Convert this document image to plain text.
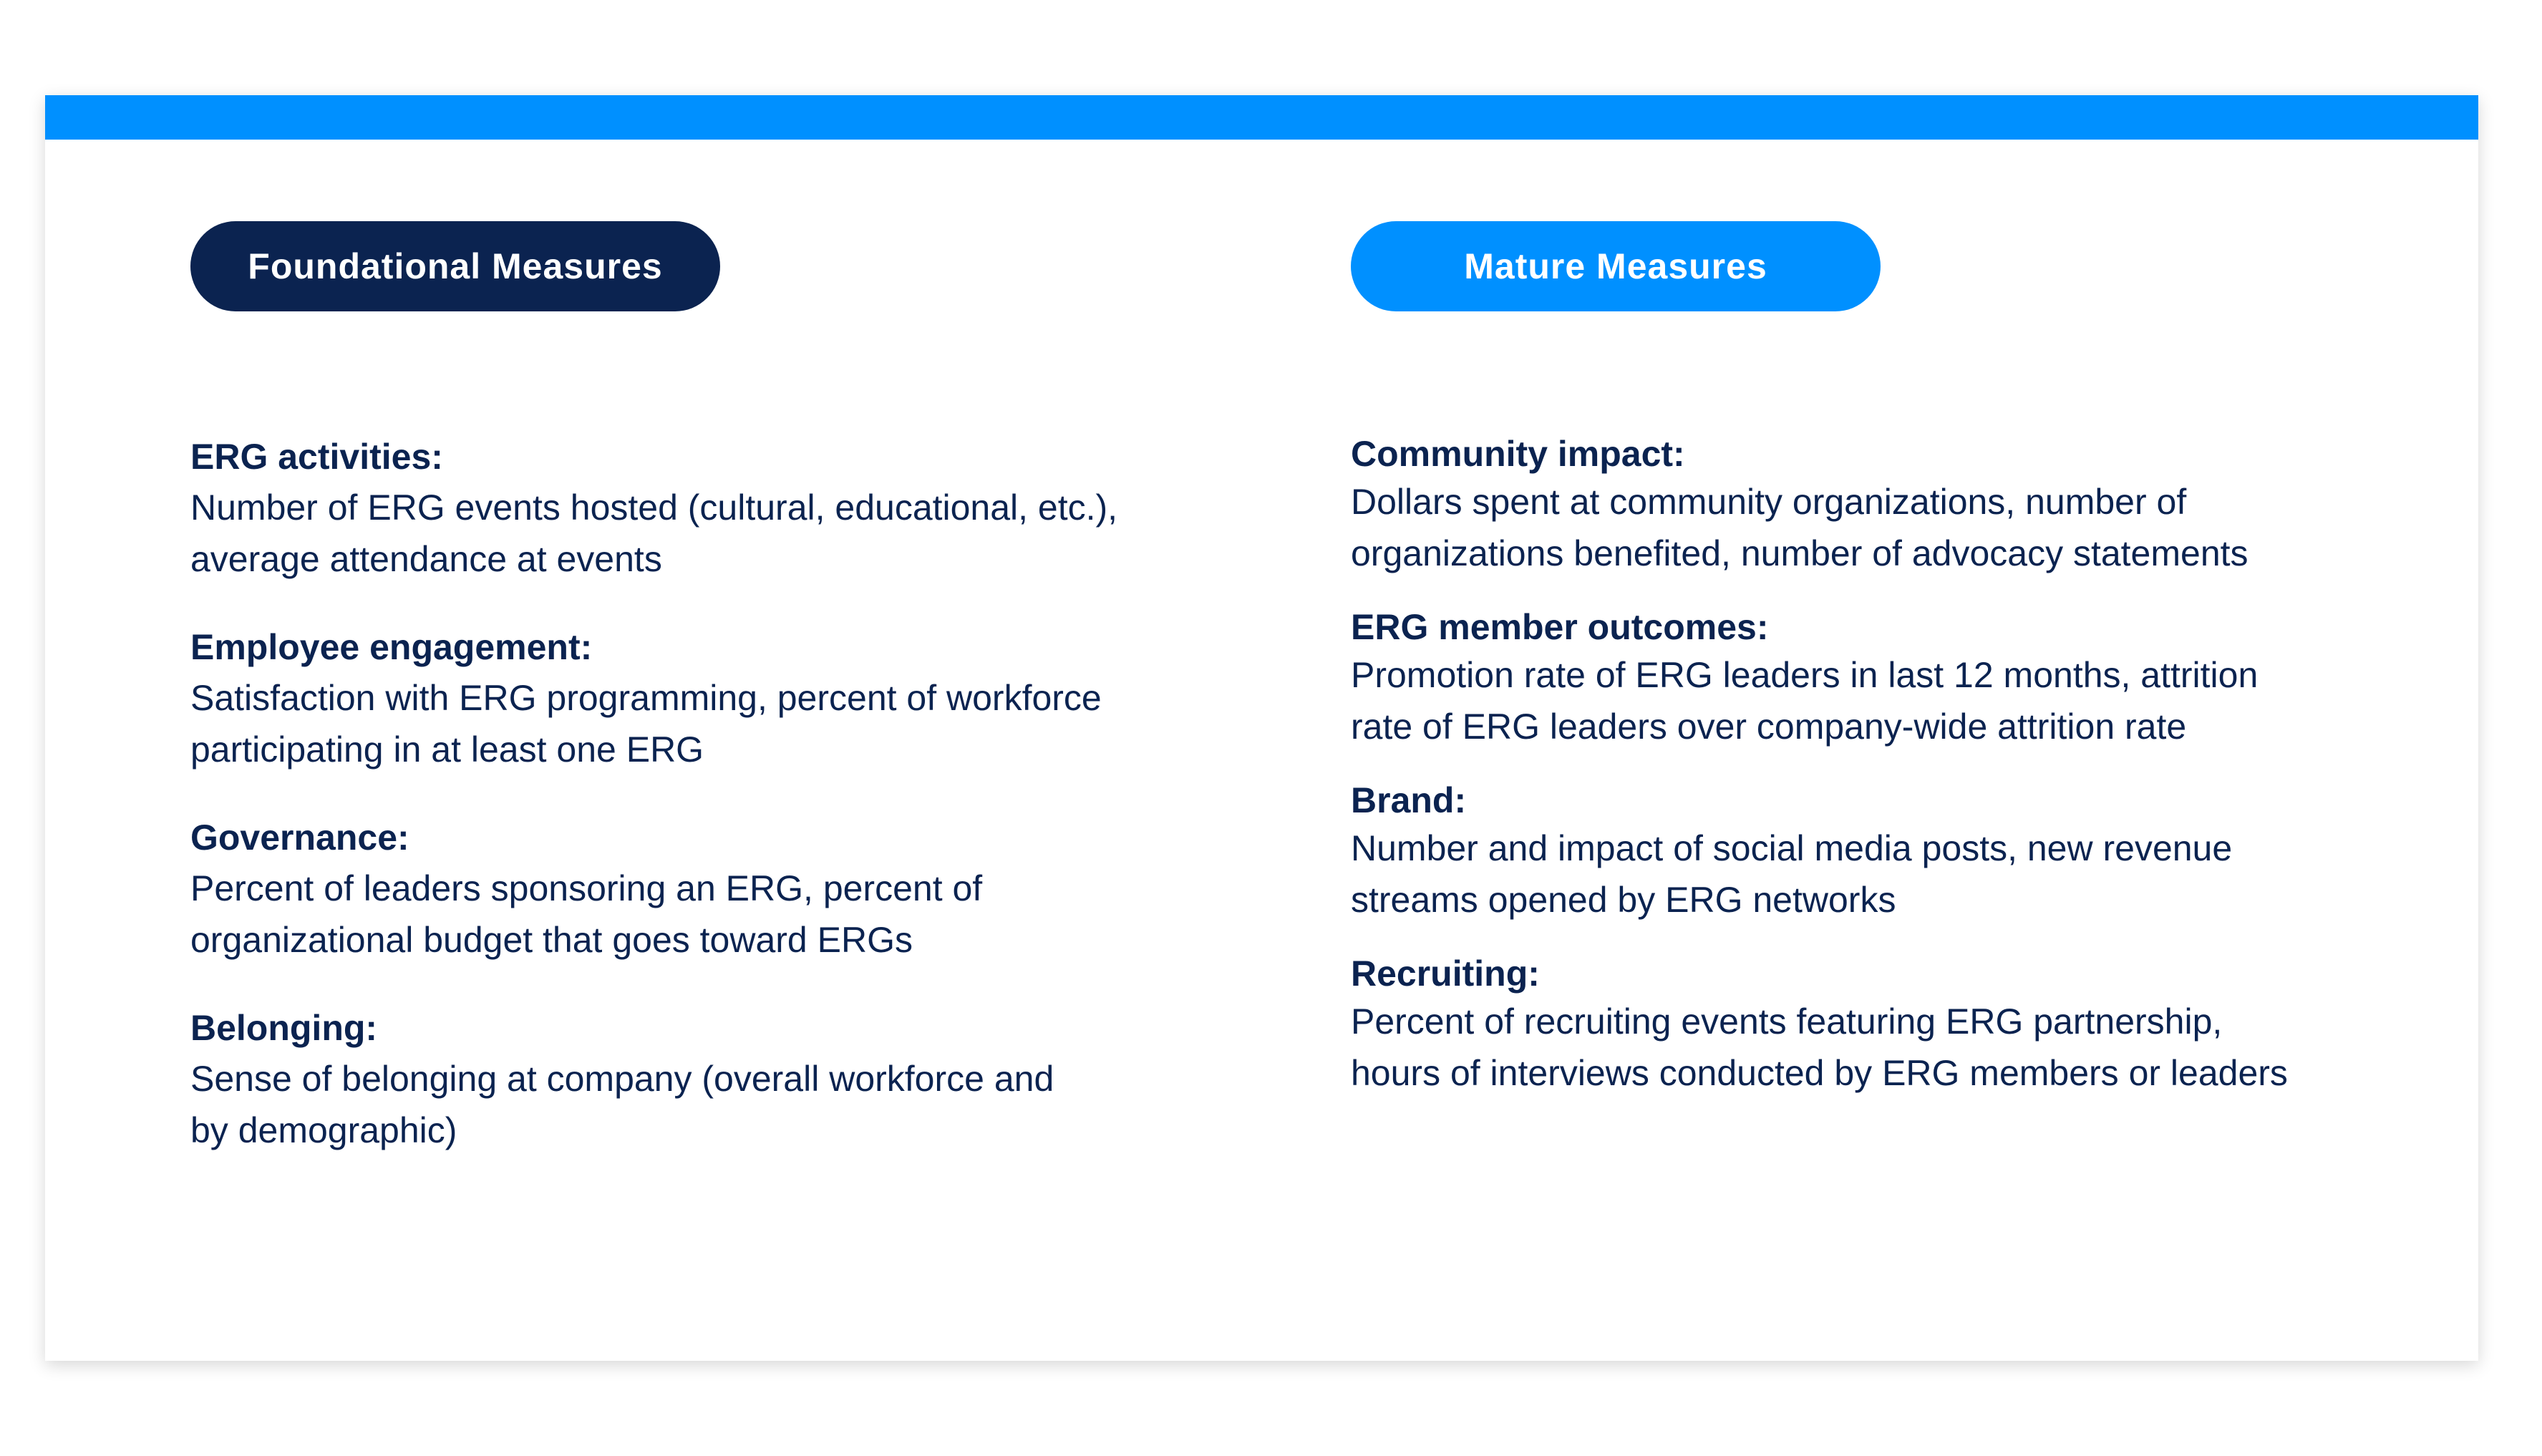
Foundational Measures
ERG activities:
Number of ERG events hosted (cultural, educational, etc.),
average attendance at events
Employee engagement:
Satisfaction with ERG programming, percent of workforce
participating in at least one ERG
Governance:
Percent of leaders sponsoring an ERG, percent of
organizational budget that goes toward ERGs
Belonging:
Sense of belonging at company (overall workforce and
by demographic)
Mature Measures
Community impact:
Dollars spent at community organizations, number of
organizations benefited, number of advocacy statements
ERG member outcomes:
Promotion rate of ERG leaders in last 12 months, attrition
rate of ERG leaders over company-wide attrition rate
Brand:
Number and impact of social media posts, new revenue
streams opened by ERG networks
Recruiting:
Percent of recruiting events featuring ERG partnership,
hours of interviews conducted by ERG members or leaders
